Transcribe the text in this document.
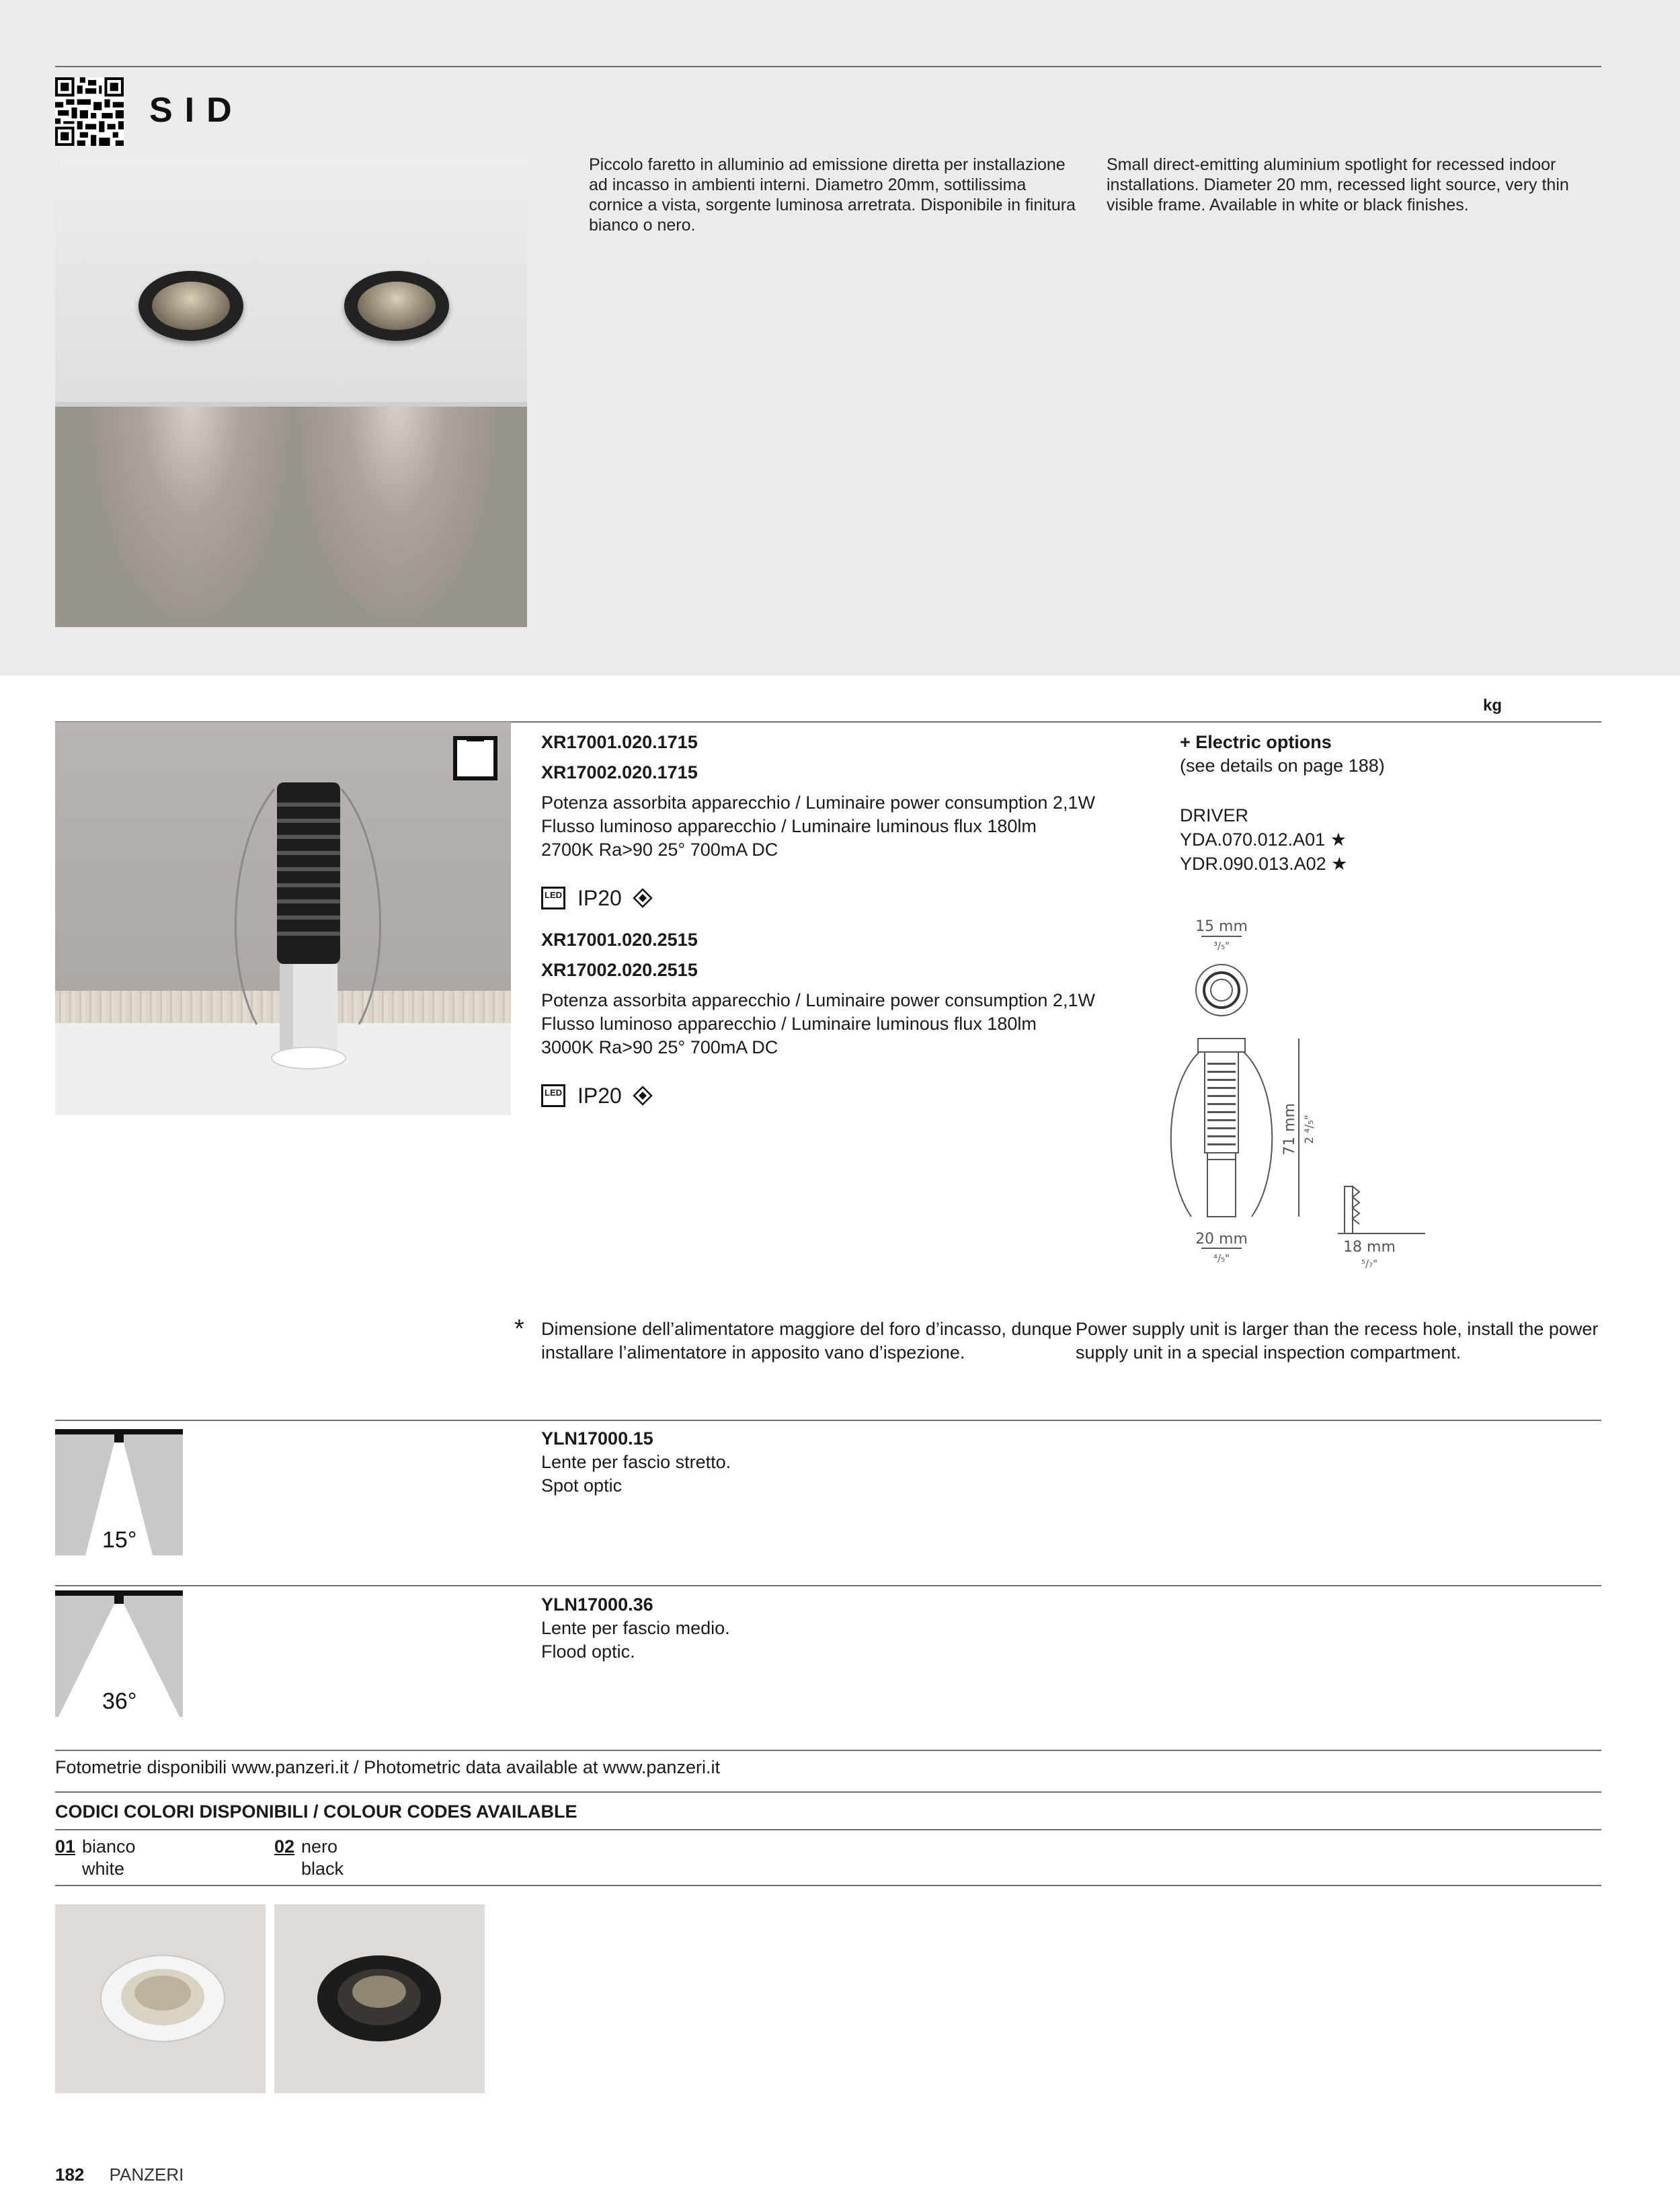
SID
Piccolo faretto in alluminio ad emissione diretta per installazione ad incasso in ambienti interni. Diametro 20mm, sottilissima cornice a vista, sorgente luminosa arretrata. Disponibile in finitura bianco o nero.
Small direct-emitting aluminium spotlight for recessed indoor installations. Diameter 20 mm, recessed light source, very thin visible frame. Available in white or black finishes.
kg
XR17001.020.1715
XR17002.020.1715
Potenza assorbita apparecchio / Luminaire power consumption 2,1W
Flusso luminoso apparecchio / Luminaire luminous flux 180lm
2700K Ra>90 25° 700mA DC
LED IP20
XR17001.020.2515
XR17002.020.2515
Potenza assorbita apparecchio / Luminaire power consumption 2,1W
Flusso luminoso apparecchio / Luminaire luminous flux 180lm
3000K Ra>90 25° 700mA DC
LED IP20
+ Electric options
(see details on page 188)
DRIVER
YDA.070.012.A01 ★
YDR.090.013.A02 ★
15 mm
³/₅"
20 mm
⁴/₅"
18 mm
⁵/₇"
71 mm 2 ⁴/₅"
* Dimensione dell’alimentatore maggiore del foro d’incasso, dunque installare l’alimentatore in apposito vano d’ispezione.
Power supply unit is larger than the recess hole, install the power supply unit in a special inspection compartment.
15°
YLN17000.15
Lente per fascio stretto.
Spot optic
36°
YLN17000.36
Lente per fascio medio.
Flood optic.
Fotometrie disponibili www.panzeri.it / Photometric data available at www.panzeri.it
CODICI COLORI DISPONIBILI / COLOUR CODES AVAILABLE
01 bianco
white
02 nero
black
182 PANZERI
